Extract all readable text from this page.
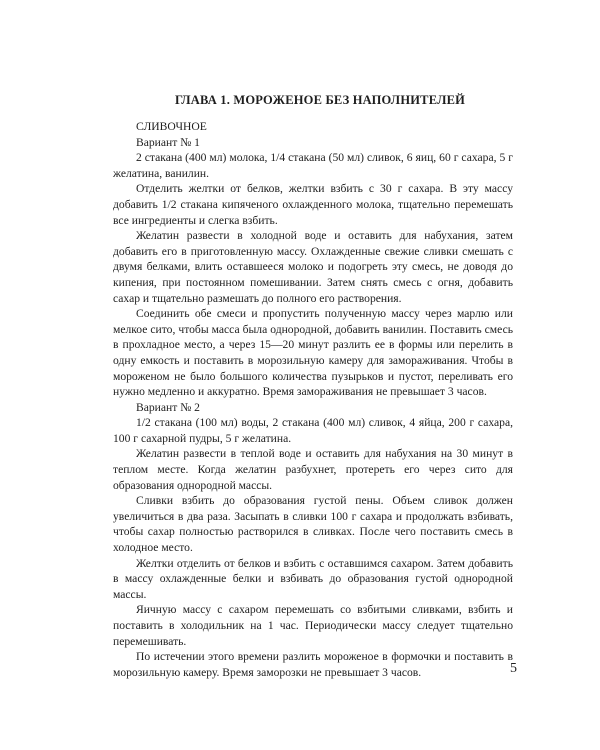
ГЛАВА 1. МОРОЖЕНОЕ БЕЗ НАПОЛНИТЕЛЕЙ
СЛИВОЧНОЕ
Вариант № 1

2 стакана (400 мл) молока, 1/4 стакана (50 мл) сливок, 6 яиц, 60 г сахара, 5 г желатина, ванилин.

Отделить желтки от белков, желтки взбить с 30 г сахара. В эту массу добавить 1/2 стакана кипяченого охлажденного молока, тщательно перемешать все ингредиенты и слегка взбить.

Желатин развести в холодной воде и оставить для набухания, затем добавить его в приготовленную массу. Охлажденные свежие сливки смешать с двумя белками, влить оставшееся молоко и подогреть эту смесь, не доводя до кипения, при постоянном помешивании. Затем снять смесь с огня, добавить сахар и тщательно размешать до полного его растворения.

Соединить обе смеси и пропустить полученную массу через марлю или мелкое сито, чтобы масса была однородной, добавить ванилин. Поставить смесь в прохладное место, а через 15—20 минут разлить ее в формы или перелить в одну емкость и поставить в морозильную камеру для замораживания. Чтобы в мороженом не было большого количества пузырьков и пустот, переливать его нужно медленно и аккуратно. Время замораживания не превышает 3 часов.

Вариант № 2

1/2 стакана (100 мл) воды, 2 стакана (400 мл) сливок, 4 яйца, 200 г сахара, 100 г сахарной пудры, 5 г желатина.

Желатин развести в теплой воде и оставить для набухания на 30 минут в теплом месте. Когда желатин разбухнет, протереть его через сито для образования однородной массы.

Сливки взбить до образования густой пены. Объем сливок должен увеличиться в два раза. Засыпать в сливки 100 г сахара и продолжать взбивать, чтобы сахар полностью растворился в сливках. После чего поставить смесь в холодное место.

Желтки отделить от белков и взбить с оставшимся сахаром. Затем добавить в массу охлажденные белки и взбивать до образования густой однородной массы.

Яичную массу с сахаром перемешать со взбитыми сливками, взбить и поставить в холодильник на 1 час. Периодически массу следует тщательно перемешивать.

По истечении этого времени разлить мороженое в формочки и поставить в морозильную камеру. Время заморозки не превышает 3 часов.	5
